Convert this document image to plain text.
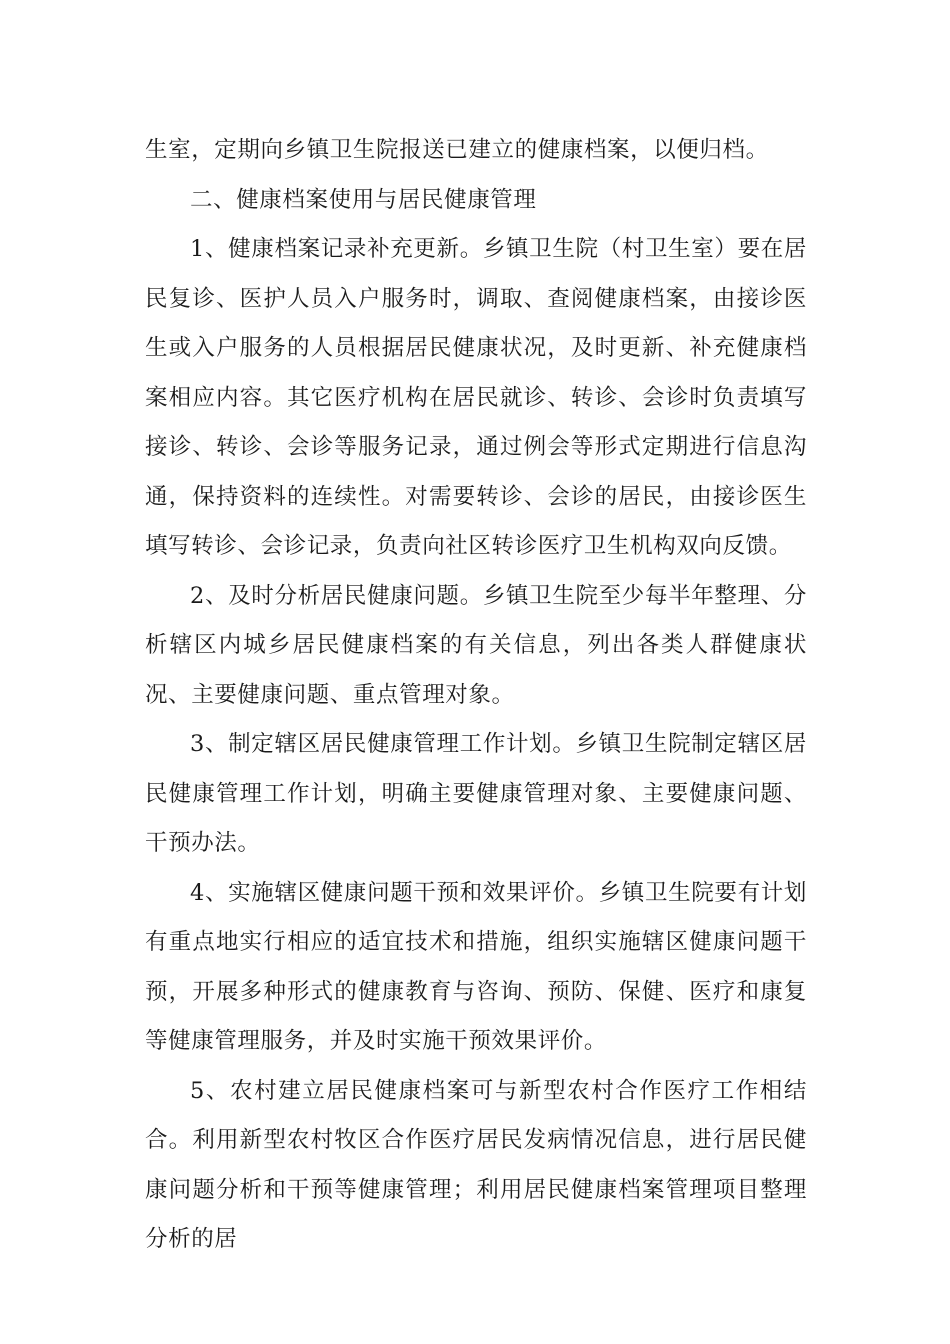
生室，定期向乡镇卫生院报送已建立的健康档案，以便归档。

二、健康档案使用与居民健康管理

1、健康档案记录补充更新。乡镇卫生院（村卫生室）要在居民复诊、医护人员入户服务时，调取、查阅健康档案，由接诊医生或入户服务的人员根据居民健康状况，及时更新、补充健康档案相应内容。其它医疗机构在居民就诊、转诊、会诊时负责填写接诊、转诊、会诊等服务记录，通过例会等形式定期进行信息沟通，保持资料的连续性。对需要转诊、会诊的居民，由接诊医生填写转诊、会诊记录，负责向社区转诊医疗卫生机构双向反馈。

2、及时分析居民健康问题。乡镇卫生院至少每半年整理、分析辖区内城乡居民健康档案的有关信息，列出各类人群健康状况、主要健康问题、重点管理对象。

3、制定辖区居民健康管理工作计划。乡镇卫生院制定辖区居民健康管理工作计划，明确主要健康管理对象、主要健康问题、干预办法。

4、实施辖区健康问题干预和效果评价。乡镇卫生院要有计划有重点地实行相应的适宜技术和措施，组织实施辖区健康问题干预，开展多种形式的健康教育与咨询、预防、保健、医疗和康复等健康管理服务，并及时实施干预效果评价。

5、农村建立居民健康档案可与新型农村合作医疗工作相结合。利用新型农村牧区合作医疗居民发病情况信息，进行居民健康问题分析和干预等健康管理；利用居民健康档案管理项目整理分析的居
